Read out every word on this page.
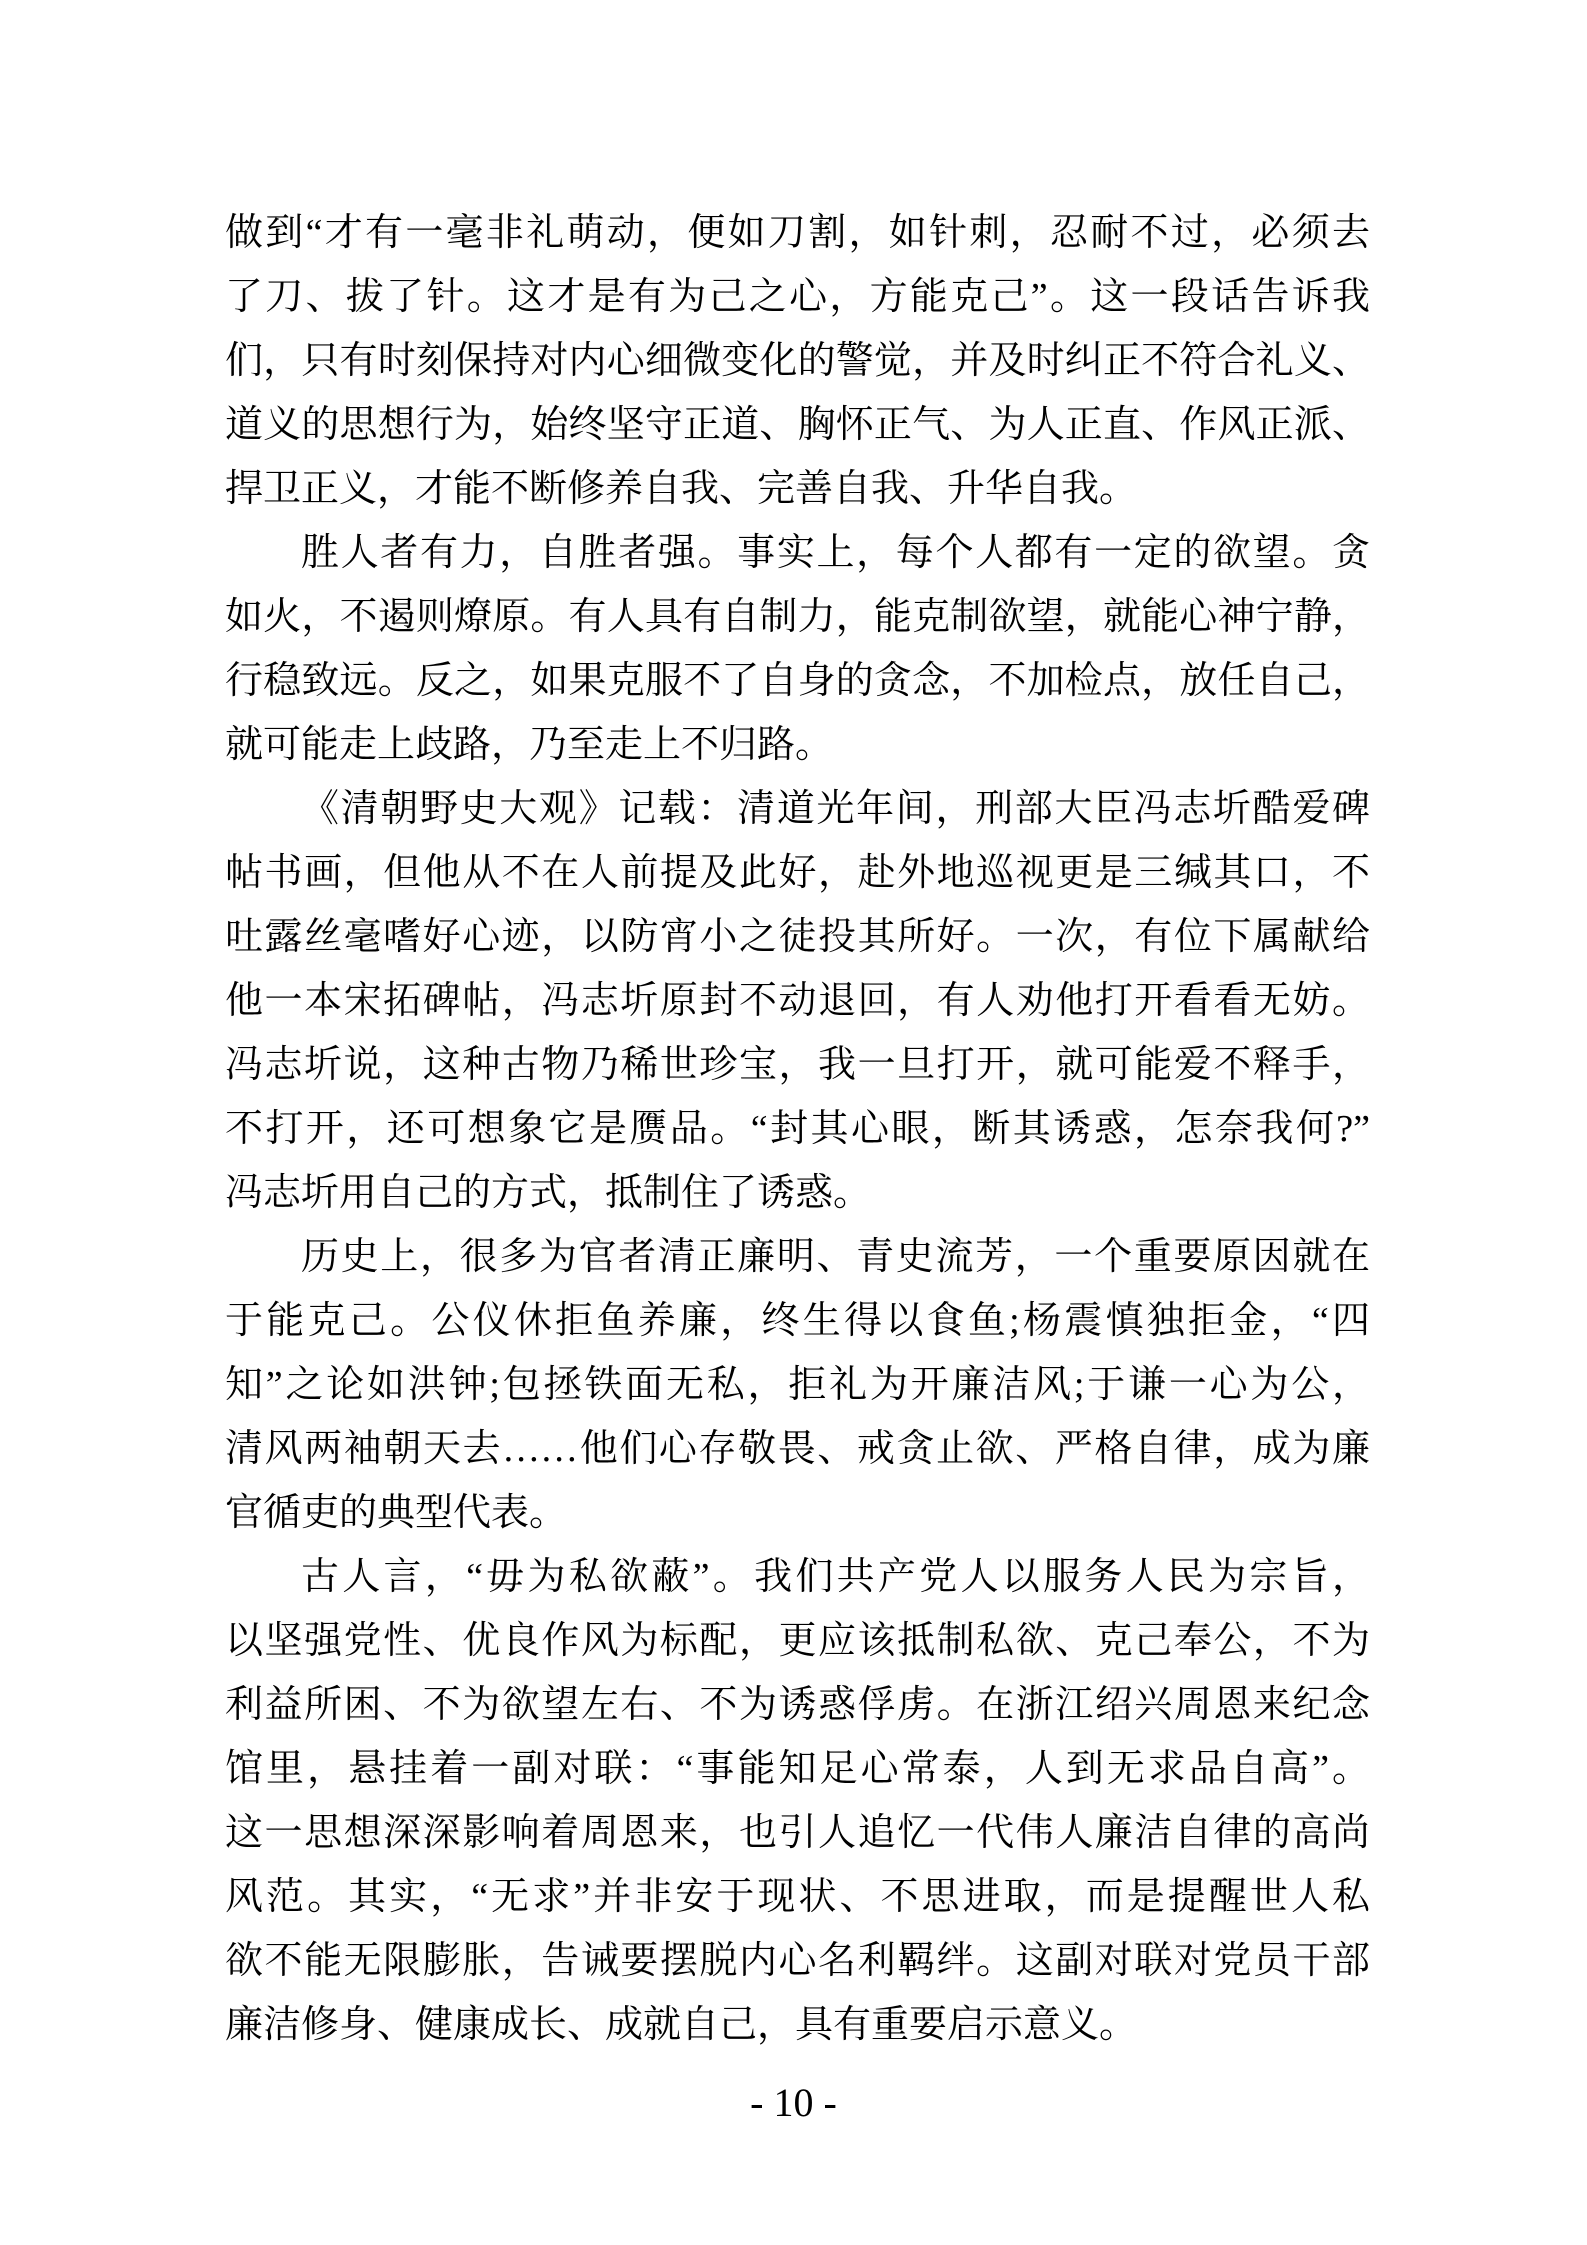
做到“才有一毫非礼萌动，便如刀割，如针刺，忍耐不过，必须去
了刀、拔了针。这才是有为己之心，方能克己”。这一段话告诉我
们，只有时刻保持对内心细微变化的警觉，并及时纠正不符合礼义、
道义的思想行为，始终坚守正道、胸怀正气、为人正直、作风正派、
捍卫正义，才能不断修养自我、完善自我、升华自我。
胜人者有力，自胜者强。事实上，每个人都有一定的欲望。贪
如火，不遏则燎原。有人具有自制力，能克制欲望，就能心神宁静，
行稳致远。反之，如果克服不了自身的贪念，不加检点，放任自己，
就可能走上歧路，乃至走上不归路。
《清朝野史大观》记载：清道光年间，刑部大臣冯志圻酷爱碑
帖书画，但他从不在人前提及此好，赴外地巡视更是三缄其口，不
吐露丝毫嗜好心迹，以防宵小之徒投其所好。一次，有位下属献给
他一本宋拓碑帖，冯志圻原封不动退回，有人劝他打开看看无妨。
冯志圻说，这种古物乃稀世珍宝，我一旦打开，就可能爱不释手，
不打开，还可想象它是赝品。“封其心眼，断其诱惑，怎奈我何?”
冯志圻用自己的方式，抵制住了诱惑。
历史上，很多为官者清正廉明、青史流芳，一个重要原因就在
于能克己。公仪休拒鱼养廉，终生得以食鱼;杨震慎独拒金，“四
知”之论如洪钟;包拯铁面无私，拒礼为开廉洁风;于谦一心为公，
清风两袖朝天去……他们心存敬畏、戒贪止欲、严格自律，成为廉
官循吏的典型代表。
古人言，“毋为私欲蔽”。我们共产党人以服务人民为宗旨，
以坚强党性、优良作风为标配，更应该抵制私欲、克己奉公，不为
利益所困、不为欲望左右、不为诱惑俘虏。在浙江绍兴周恩来纪念
馆里，悬挂着一副对联：“事能知足心常泰，人到无求品自高”。
这一思想深深影响着周恩来，也引人追忆一代伟人廉洁自律的高尚
风范。其实，“无求”并非安于现状、不思进取，而是提醒世人私
欲不能无限膨胀，告诫要摆脱内心名利羁绊。这副对联对党员干部
廉洁修身、健康成长、成就自己，具有重要启示意义。
- 10 -
